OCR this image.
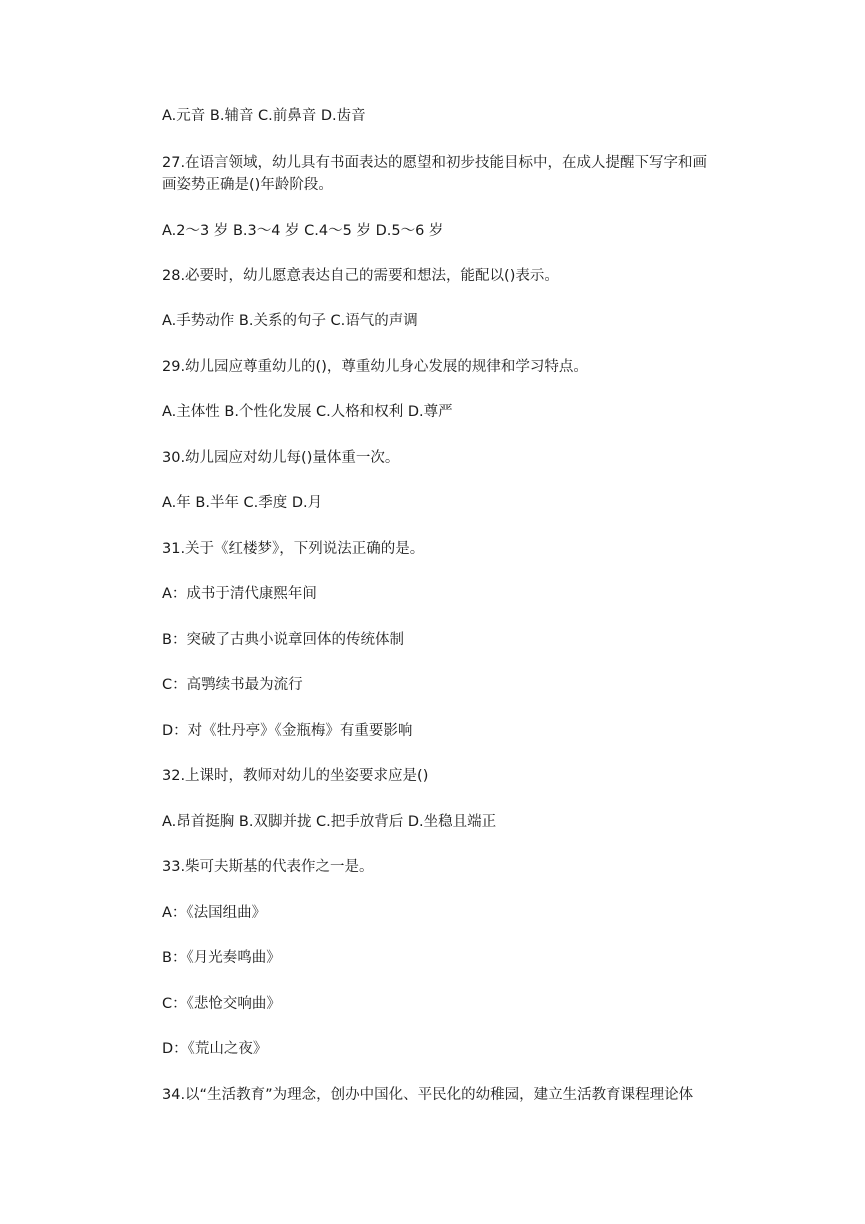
A.元音 B.辅音 C.前鼻音 D.齿音

27.在语言领域，幼儿具有书面表达的愿望和初步技能目标中，在成人提醒下写字和画

画姿势正确是()年龄阶段。

A.2～3 岁 B.3～4 岁 C.4～5 岁 D.5～6 岁

28.必要时，幼儿愿意表达自己的需要和想法，能配以()表示。

A.手势动作 B.关系的句子 C.语气的声调

29.幼儿园应尊重幼儿的()，尊重幼儿身心发展的规律和学习特点。

A.主体性 B.个性化发展 C.人格和权利 D.尊严

30.幼儿园应对幼儿每()量体重一次。

A.年 B.半年 C.季度 D.月

31.关于《红楼梦》，下列说法正确的是。

A：成书于清代康熙年间

B：突破了古典小说章回体的传统体制

C：高鹗续书最为流行

D：对《牡丹亭》《金瓶梅》有重要影响

32.上课时，教师对幼儿的坐姿要求应是()

A.昂首挺胸 B.双脚并拢 C.把手放背后 D.坐稳且端正

33.柴可夫斯基的代表作之一是。

A：《法国组曲》

B：《月光奏鸣曲》

C：《悲怆交响曲》

D：《荒山之夜》

34.以“生活教育”为理念，创办中国化、平民化的幼稚园，建立生活教育课程理论体
